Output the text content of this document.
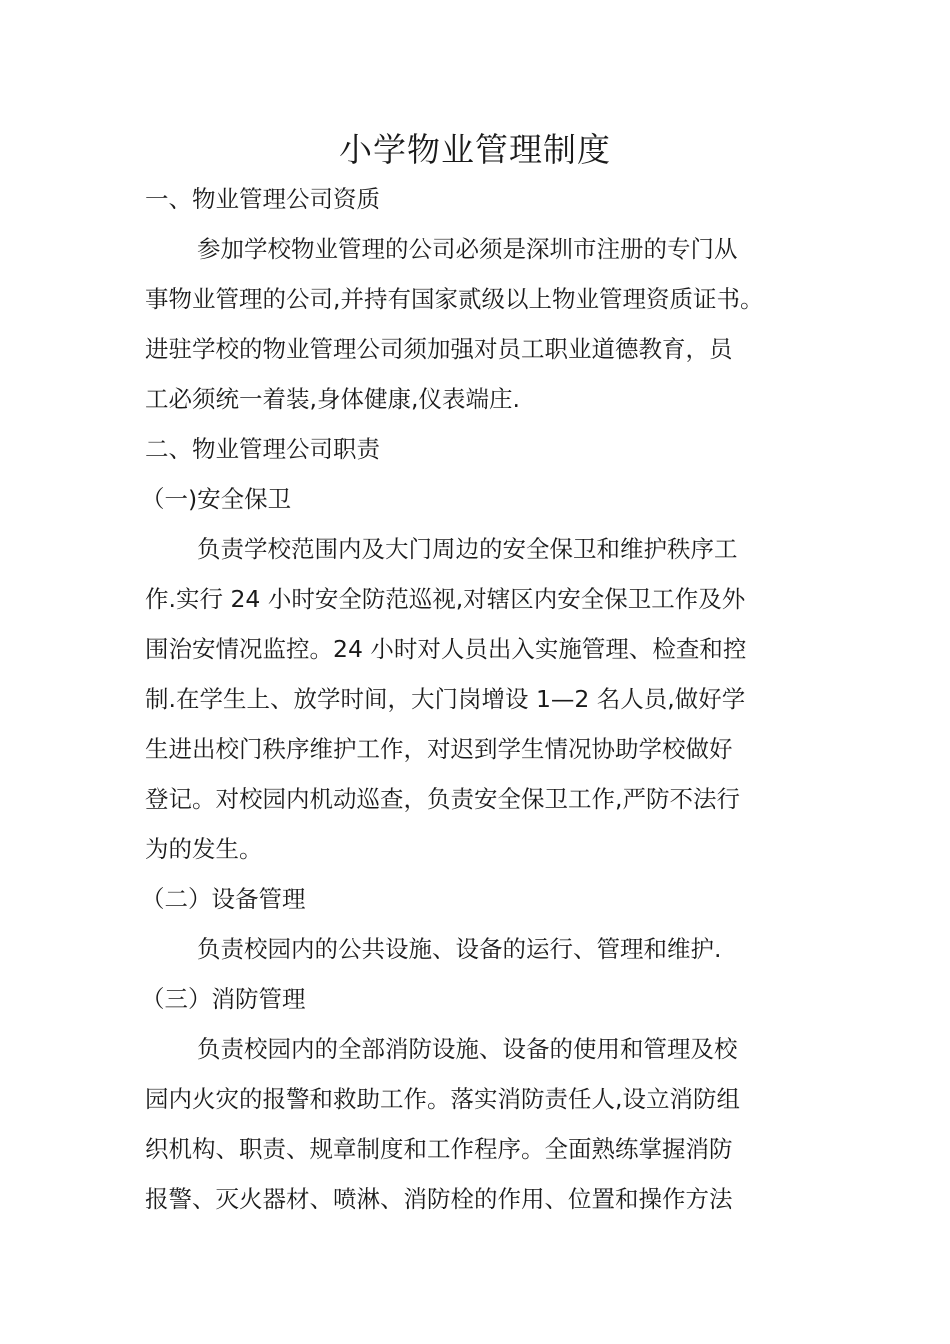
小学物业管理制度

一、物业管理公司资质

参加学校物业管理的公司必须是深圳市注册的专门从

事物业管理的公司,并持有国家贰级以上物业管理资质证书。

进驻学校的物业管理公司须加强对员工职业道德教育，员

工必须统一着装,身体健康,仪表端庄.

二、物业管理公司职责

（一)安全保卫

负责学校范围内及大门周边的安全保卫和维护秩序工

作.实行 24 小时安全防范巡视,对辖区内安全保卫工作及外

围治安情况监控。24 小时对人员出入实施管理、检查和控

制.在学生上、放学时间，大门岗增设 1—2 名人员,做好学

生进出校门秩序维护工作，对迟到学生情况协助学校做好

登记。对校园内机动巡查，负责安全保卫工作,严防不法行

为的发生。

（二）设备管理

负责校园内的公共设施、设备的运行、管理和维护.

（三）消防管理

负责校园内的全部消防设施、设备的使用和管理及校

园内火灾的报警和救助工作。落实消防责任人,设立消防组

织机构、职责、规章制度和工作程序。全面熟练掌握消防

报警、灭火器材、喷淋、消防栓的作用、位置和操作方法
